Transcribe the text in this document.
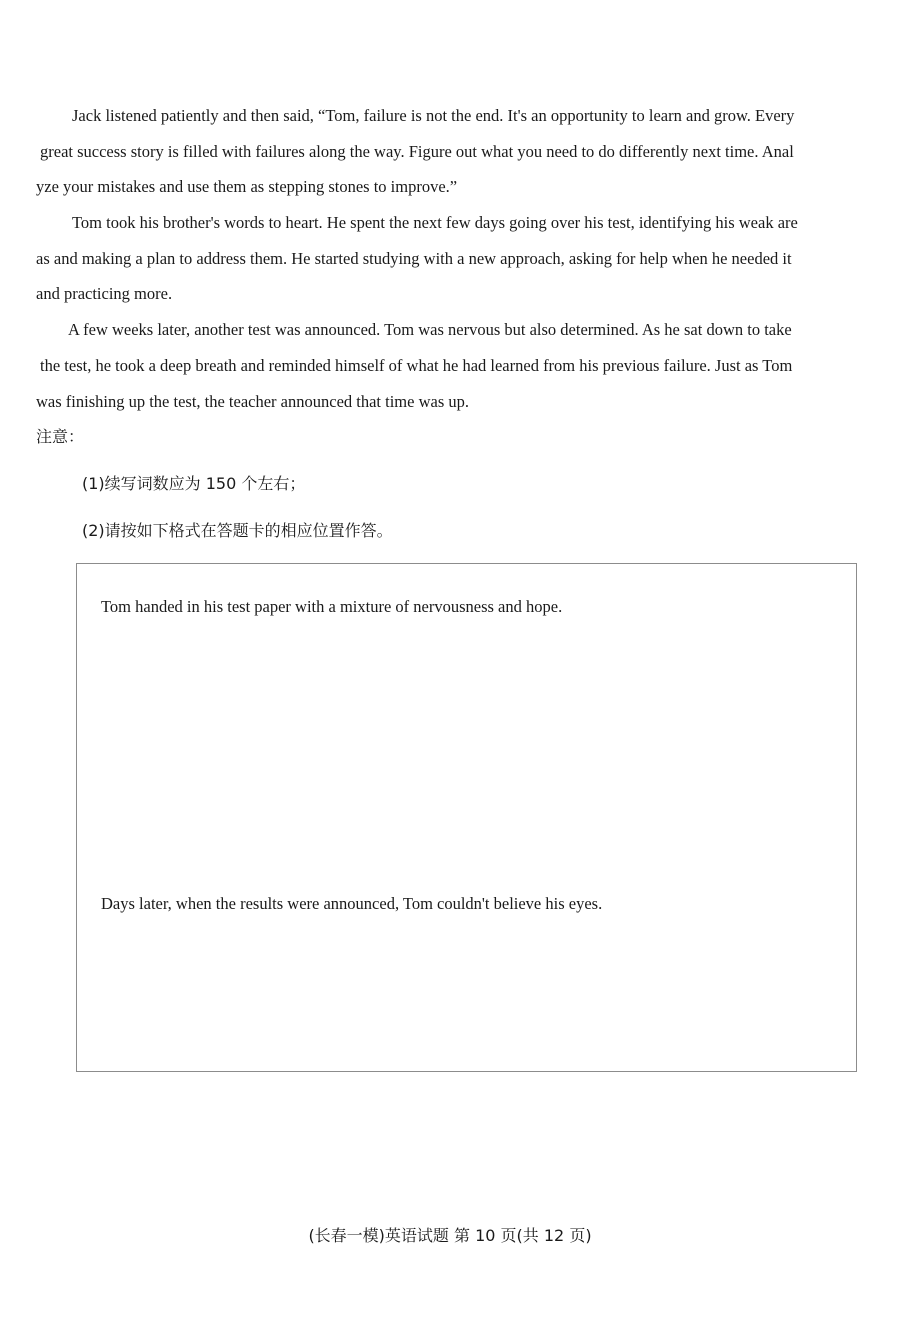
Jack listened patiently and then said, “Tom, failure is not the end. It's an opportunity to learn and grow. Every

great success story is filled with failures along the way. Figure out what you need to do differently next time. Anal

yze your mistakes and use them as stepping stones to improve.”

Tom took his brother's words to heart. He spent the next few days going over his test, identifying his weak are

as and making a plan to address them. He started studying with a new approach, asking for help when he needed it

and practicing more.

A few weeks later, another test was announced. Tom was nervous but also determined. As he sat down to take

the test, he took a deep breath and reminded himself of what he had learned from his previous failure. Just as Tom

was finishing up the test, the teacher announced that time was up.

注意：

(1)续写词数应为 150 个左右；

(2)请按如下格式在答题卡的相应位置作答。

Tom handed in his test paper with a mixture of nervousness and hope.

Days later, when the results were announced, Tom couldn't believe his eyes.

(长春一模)英语试题 第 10 页(共 12 页)
